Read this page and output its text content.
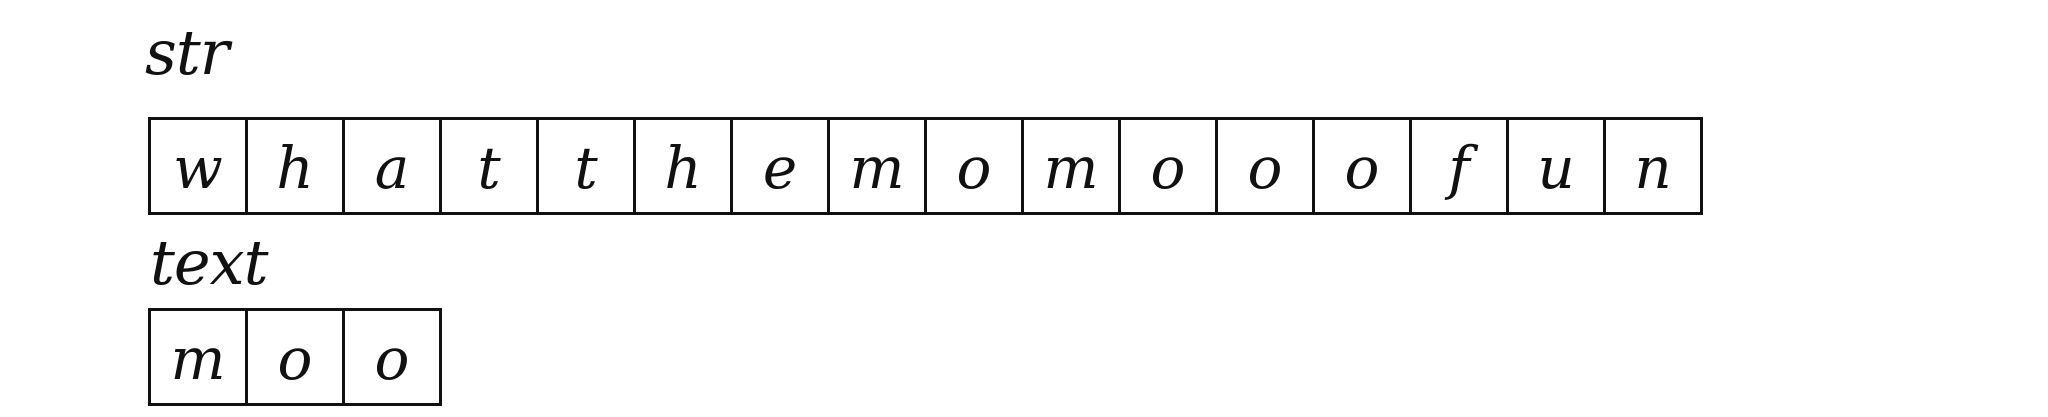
str
w h a t t h e m o m o o o f u n
text
m o o
